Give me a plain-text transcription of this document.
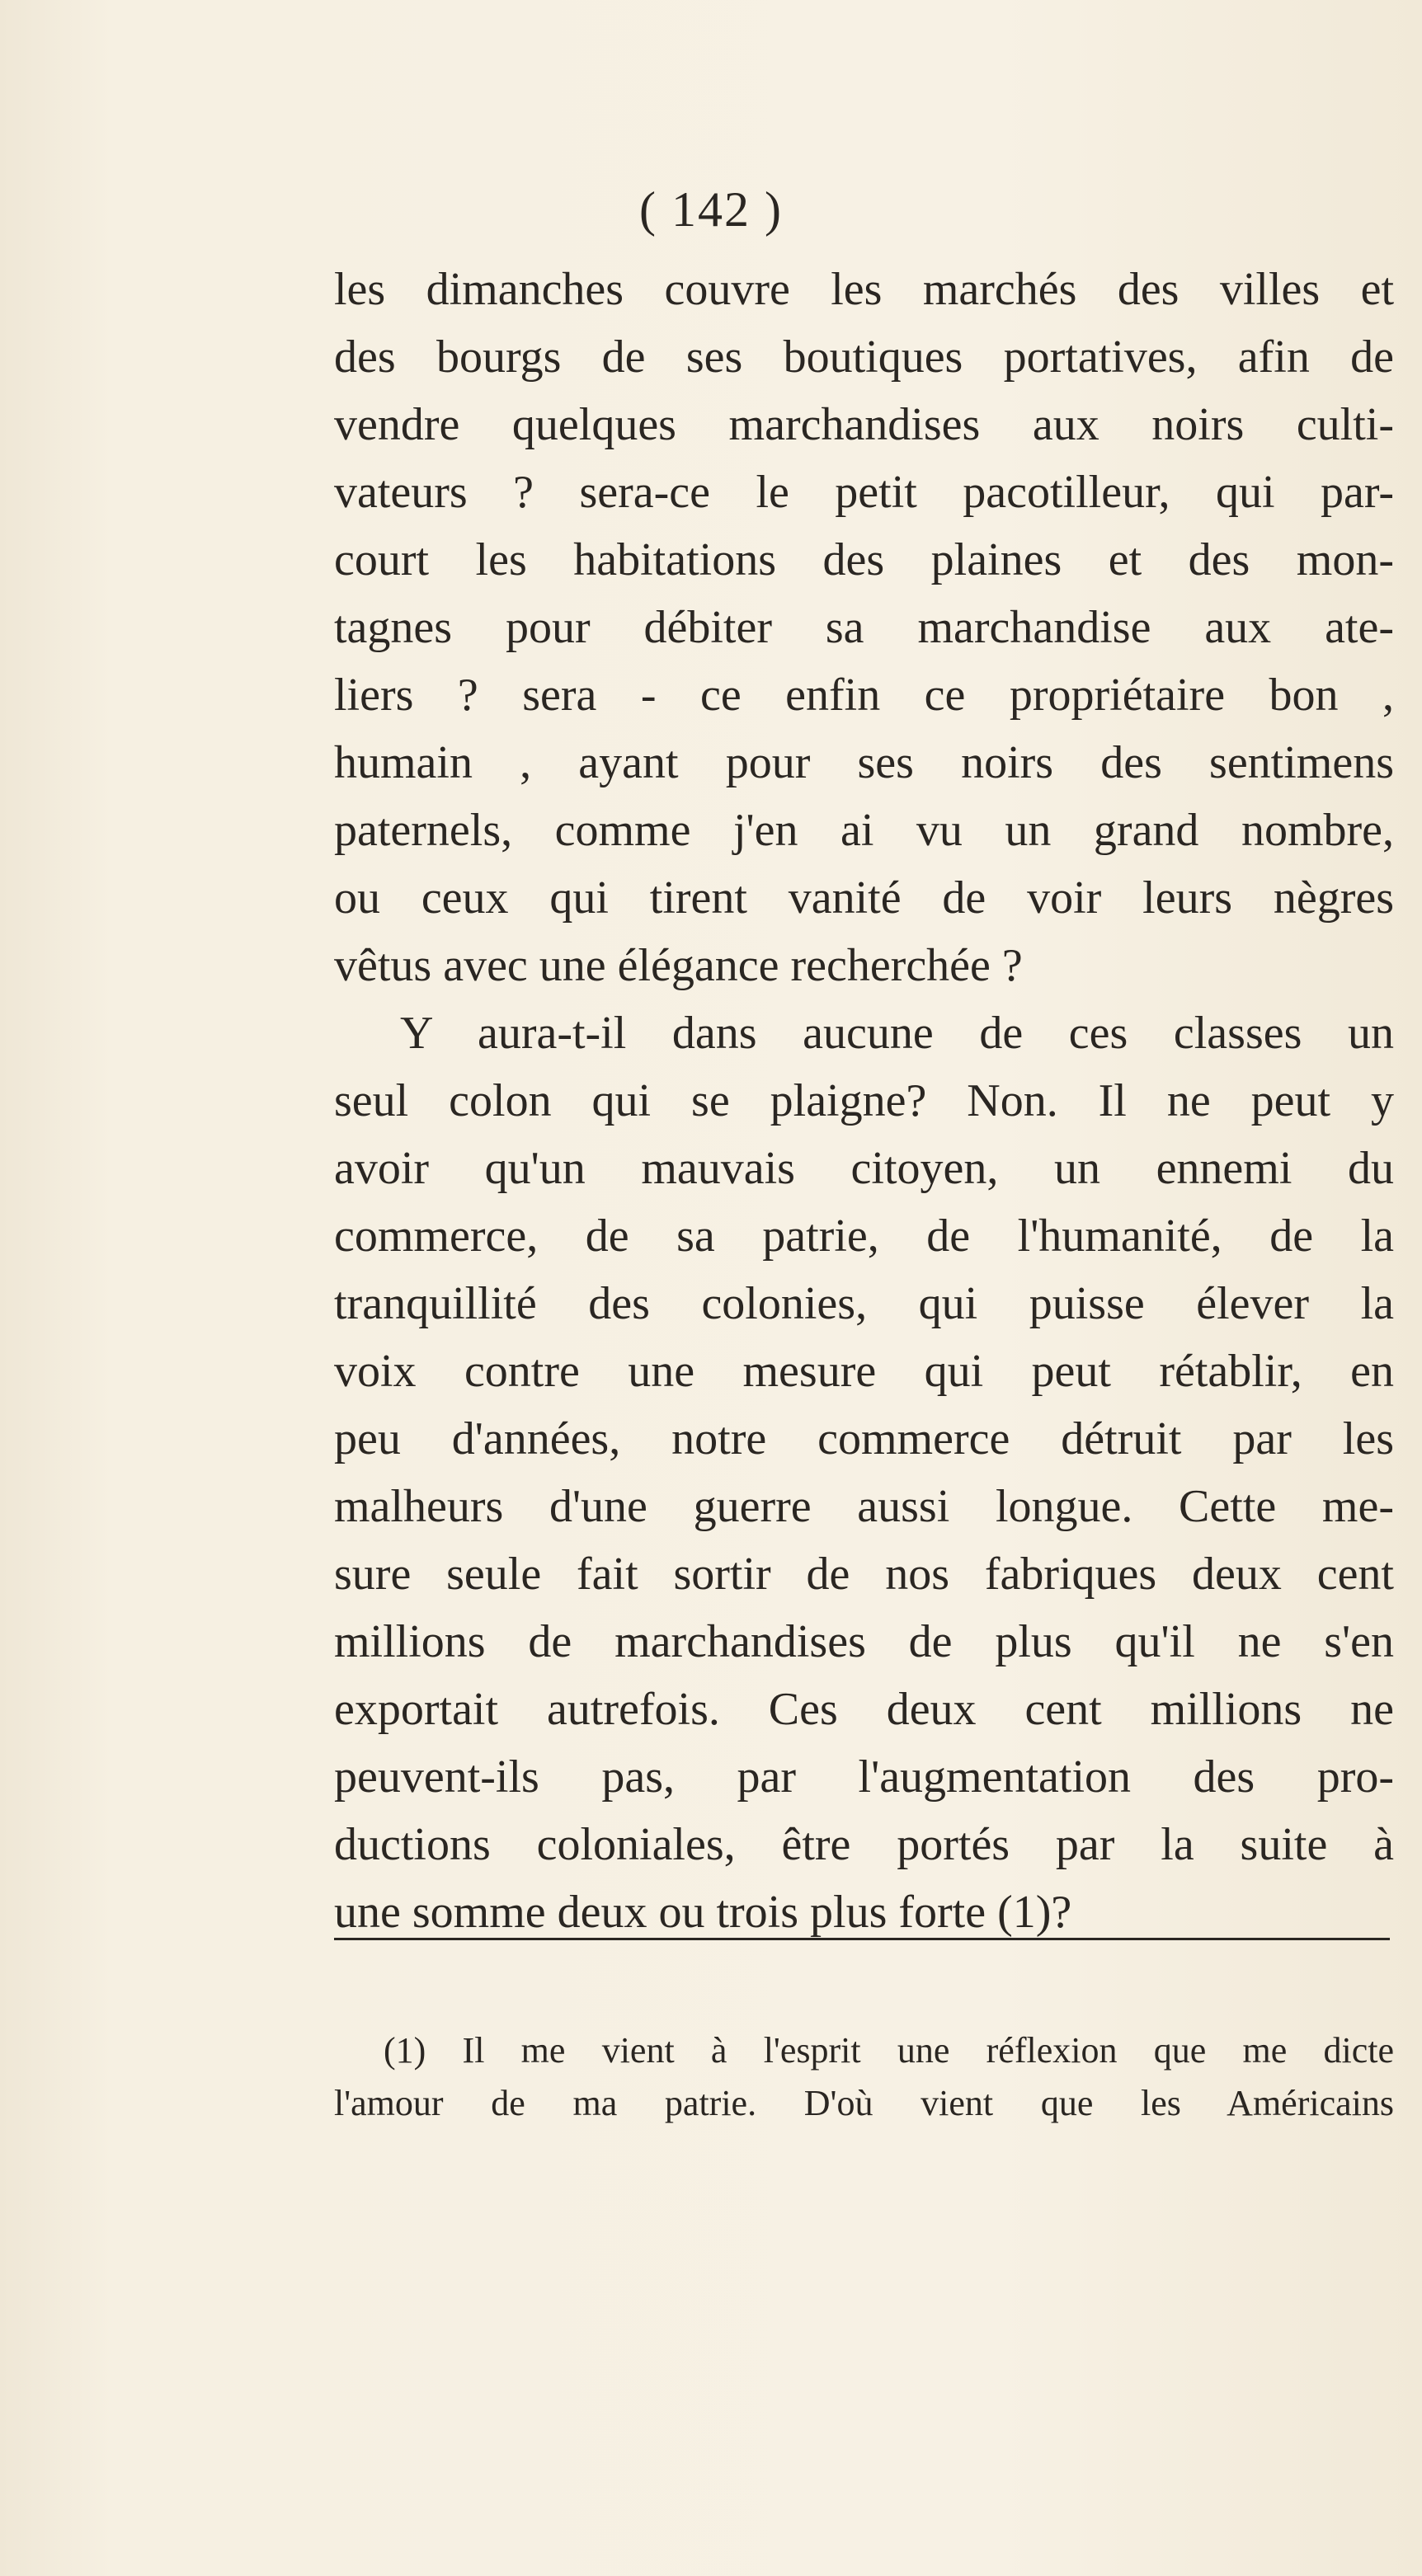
( 142 )
les dimanches couvre les marchés des villes et
des bourgs de ses boutiques portatives, afin de
vendre quelques marchandises aux noirs culti-
vateurs ? sera-ce le petit pacotilleur, qui par-
court les habitations des plaines et des mon-
tagnes pour débiter sa marchandise aux ate-
liers ? sera - ce enfin ce propriétaire bon ,
humain , ayant pour ses noirs des sentimens
paternels, comme j'en ai vu un grand nombre,
ou ceux qui tirent vanité de voir leurs nègres
vêtus avec une élégance recherchée ?
Y aura-t-il dans aucune de ces classes un
seul colon qui se plaigne? Non. Il ne peut y
avoir qu'un mauvais citoyen, un ennemi du
commerce, de sa patrie, de l'humanité, de la
tranquillité des colonies, qui puisse élever la
voix contre une mesure qui peut rétablir, en
peu d'années, notre commerce détruit par les
malheurs d'une guerre aussi longue. Cette me-
sure seule fait sortir de nos fabriques deux cent
millions de marchandises de plus qu'il ne s'en
exportait autrefois. Ces deux cent millions ne
peuvent-ils pas, par l'augmentation des pro-
ductions coloniales, être portés par la suite à
une somme deux ou trois plus forte (1)?
(1) Il me vient à l'esprit une réflexion que me dicte
l'amour de ma patrie. D'où vient que les Américains
